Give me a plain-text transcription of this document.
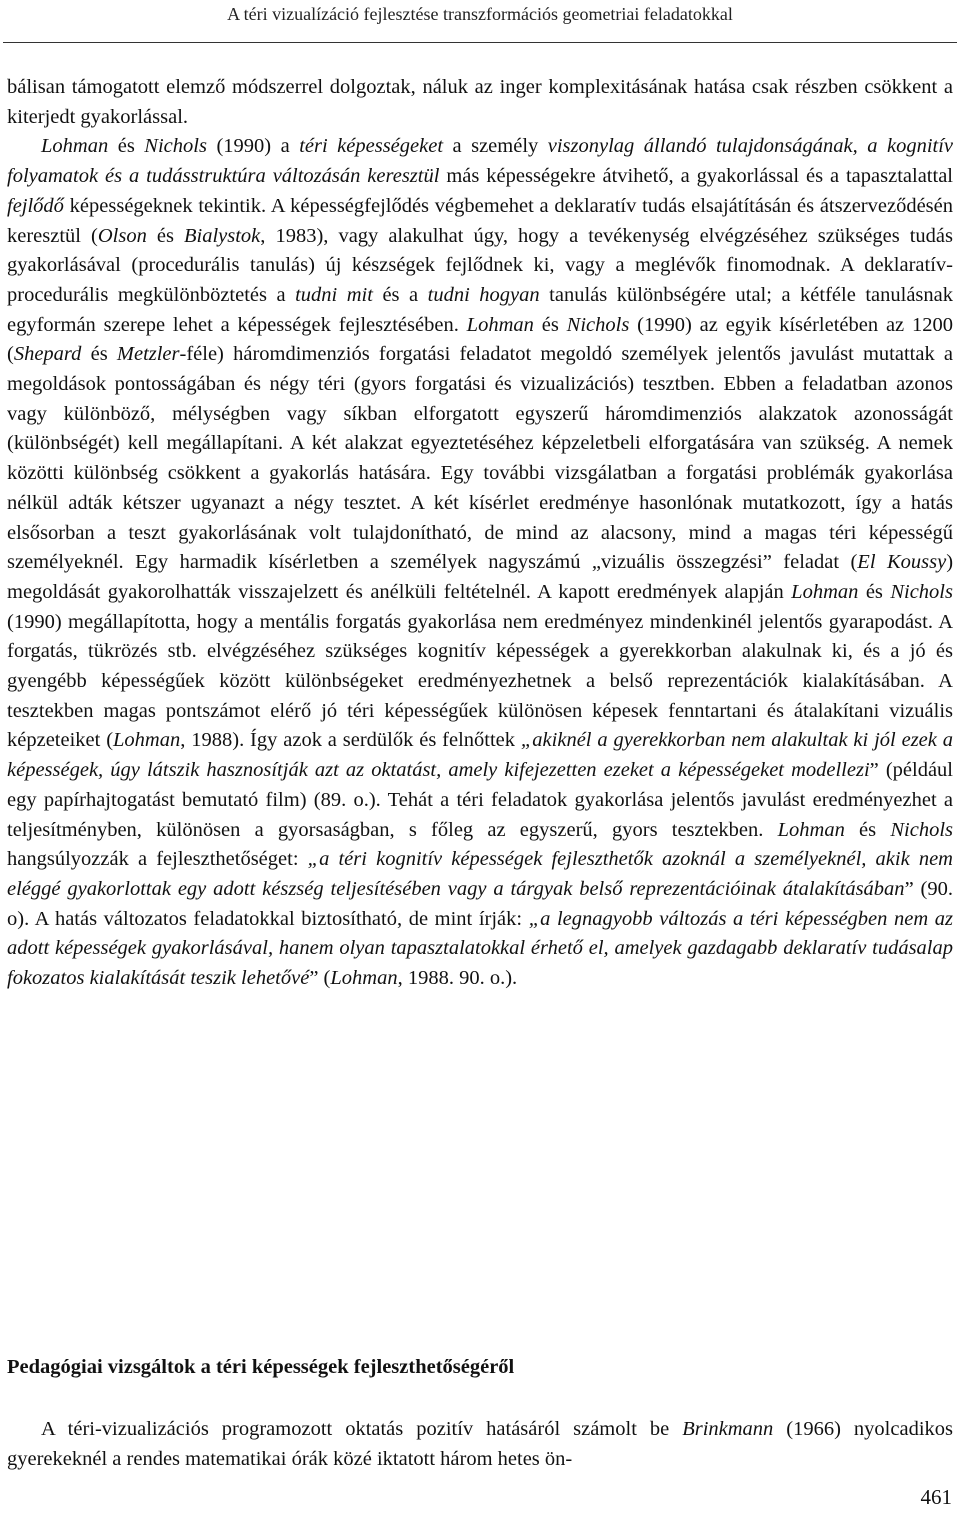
A téri vizualízáció fejlesztése transzformációs geometriai feladatokkal

bálisan támogatott elemző módszerrel dolgoztak, náluk az inger komplexitásának hatása csak részben csökkent a kiterjedt gyakorlással.

Lohman és Nichols (1990) a téri képességeket a személy viszonylag állandó tulajdonságának, a kognitív folyamatok és a tudásstruktúra változásán keresztül más képességekre átvihető, a gyakorlással és a tapasztalattal fejlődő képességeknek tekintik. A képességfejlődés végbemehet a deklaratív tudás elsajátításán és átszerveződésén keresztül (Olson és Bialystok, 1983), vagy alakulhat úgy, hogy a tevékenység elvégzéséhez szükséges tudás gyakorlásával (procedurális tanulás) új készségek fejlődnek ki, vagy a meglévők finomodnak. A deklaratív-procedurális megkülönböztetés a tudni mit és a tudni hogyan tanulás különbségére utal; a kétféle tanulásnak egyformán szerepe lehet a képességek fejlesztésében. Lohman és Nichols (1990) az egyik kísérletében az 1200 (Shepard és Metzler-féle) háromdimenziós forgatási feladatot megoldó személyek jelentős javulást mutattak a megoldások pontosságában és négy téri (gyors forgatási és vizualizációs) tesztben. Ebben a feladatban azonos vagy különböző, mélységben vagy síkban elforgatott egyszerű háromdimenziós alakzatok azonosságát (különbségét) kell megállapítani. A két alakzat egyeztetéséhez képzeletbeli elforgatására van szükség. A nemek közötti különbség csökkent a gyakorlás hatására. Egy további vizsgálatban a forgatási problémák gyakorlása nélkül adták kétszer ugyanazt a négy tesztet. A két kísérlet eredménye hasonlónak mutatkozott, így a hatás elsősorban a teszt gyakorlásának volt tulajdonítható, de mind az alacsony, mind a magas téri képességű személyeknél. Egy harmadik kísérletben a személyek nagyszámú „vizuális összegzési” feladat (El Koussy) megoldását gyakorolhatták visszajelzett és anélküli feltételnél. A kapott eredmények alapján Lohman és Nichols (1990) megállapította, hogy a mentális forgatás gyakorlása nem eredményez mindenkinél jelentős gyarapodást. A forgatás, tükrözés stb. elvégzéséhez szükséges kognitív képességek a gyerekkorban alakulnak ki, és a jó és gyengébb képességűek között különbségeket eredményezhetnek a belső reprezentációk kialakításában. A tesztekben magas pontszámot elérő jó téri képességűek különösen képesek fenntartani és átalakítani vizuális képzeteiket (Lohman, 1988). Így azok a serdülők és felnőttek „akiknél a gyerekkorban nem alakultak ki jól ezek a képességek, úgy látszik hasznosítják azt az oktatást, amely kifejezetten ezeket a képességeket modellezi” (például egy papírhajtogatást bemutató film) (89. o.). Tehát a téri feladatok gyakorlása jelentős javulást eredményezhet a teljesítményben, különösen a gyorsaságban, s főleg az egyszerű, gyors tesztekben. Lohman és Nichols hangsúlyozzák a fejleszthetőséget: „a téri kognitív képességek fejleszthetők azoknál a személyeknél, akik nem eléggé gyakorlottak egy adott készség teljesítésében vagy a tárgyak belső reprezentációinak átalakításában” (90. o). A hatás változatos feladatokkal biztosítható, de mint írják: „a legnagyobb változás a téri képességben nem az adott képességek gyakorlásával, hanem olyan tapasztalatokkal érhető el, amelyek gazdagabb deklaratív tudásalap fokozatos kialakítását teszik lehetővé” (Lohman, 1988. 90. o.).

Pedagógiai vizsgáltok a téri képességek fejleszthetőségéről

A téri-vizualizációs programozott oktatás pozitív hatásáról számolt be Brinkmann (1966) nyolcadikos gyerekeknél a rendes matematikai órák közé iktatott három hetes ön-

461
